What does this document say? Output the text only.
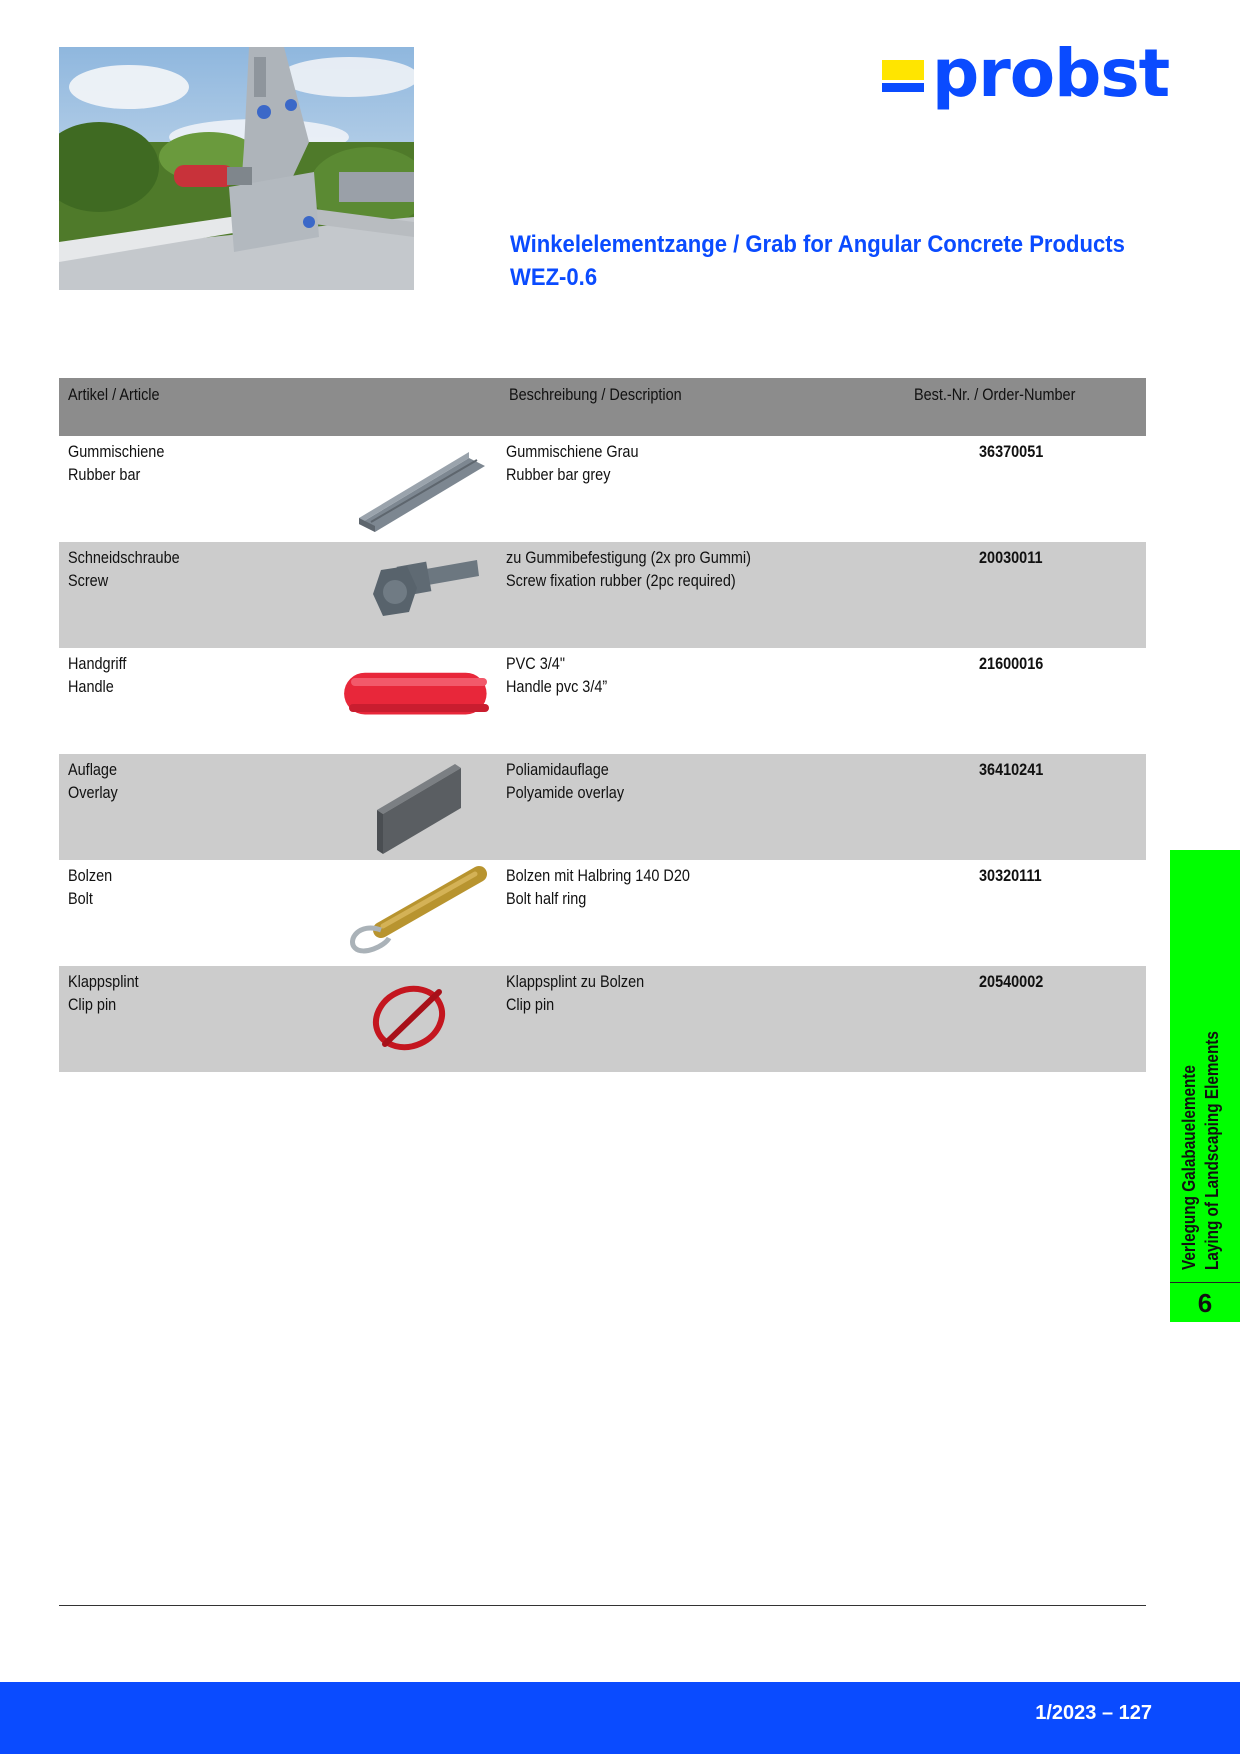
probst
Winkelelementzange / Grab for Angular Concrete Products
WEZ-0.6
Artikel / Article	Beschreibung / Description	Best.-Nr. / Order-Number
Gummischiene
Rubber bar
Gummischiene Grau
Rubber bar grey
36370051
Schneidschraube
Screw
zu Gummibefestigung (2x pro Gummi)
Screw fixation rubber (2pc required)
20030011
Handgriff
Handle
PVC 3/4"
Handle pvc 3/4”
21600016
Auflage
Overlay
Poliamidauflage
Polyamide overlay
36410241
Bolzen
Bolt
Bolzen mit Halbring 140 D20
Bolt half ring
30320111
Klappsplint
Clip pin
Klappsplint zu Bolzen
Clip pin
20540002
Verlegung Galabauelemente Laying of Landscaping Elements
6
1/2023 – 127
